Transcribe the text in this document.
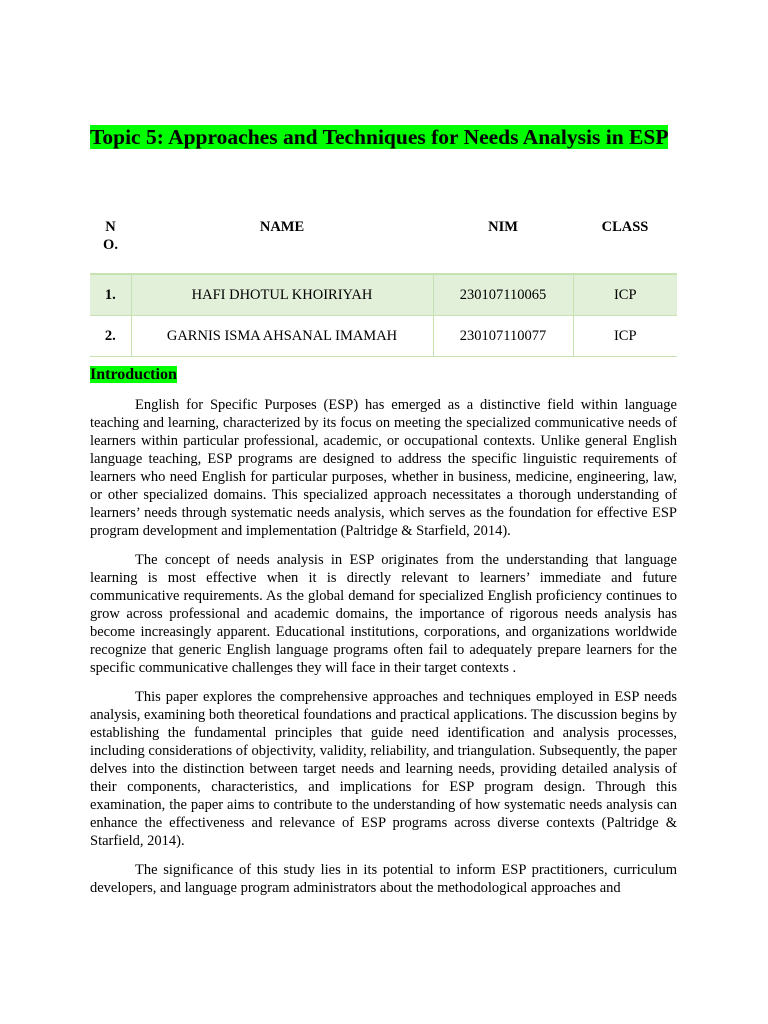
Topic 5: Approaches and Techniques for Needs Analysis in ESP
NO.	NAME	NIM	CLASS
1.	HAFI DHOTUL KHOIRIYAH	230107110065	ICP
2.	GARNIS ISMA AHSANAL IMAMAH	230107110077	ICP
Introduction

English for Specific Purposes (ESP) has emerged as a distinctive field within language teaching and learning, characterized by its focus on meeting the specialized communicative needs of learners within particular professional, academic, or occupational contexts. Unlike general English language teaching, ESP programs are designed to address the specific linguistic requirements of learners who need English for particular purposes, whether in business, medicine, engineering, law, or other specialized domains. This specialized approach necessitates a thorough understanding of learners’ needs through systematic needs analysis, which serves as the foundation for effective ESP program development and implementation (Paltridge & Starfield, 2014).

The concept of needs analysis in ESP originates from the understanding that language learning is most effective when it is directly relevant to learners’ immediate and future communicative requirements. As the global demand for specialized English proficiency continues to grow across professional and academic domains, the importance of rigorous needs analysis has become increasingly apparent. Educational institutions, corporations, and organizations worldwide recognize that generic English language programs often fail to adequately prepare learners for the specific communicative challenges they will face in their target contexts .

This paper explores the comprehensive approaches and techniques employed in ESP needs analysis, examining both theoretical foundations and practical applications. The discussion begins by establishing the fundamental principles that guide need identification and analysis processes, including considerations of objectivity, validity, reliability, and triangulation. Subsequently, the paper delves into the distinction between target needs and learning needs, providing detailed analysis of their components, characteristics, and implications for ESP program design. Through this examination, the paper aims to contribute to the understanding of how systematic needs analysis can enhance the effectiveness and relevance of ESP programs across diverse contexts (Paltridge & Starfield, 2014).

The significance of this study lies in its potential to inform ESP practitioners, curriculum developers, and language program administrators about the methodological approaches and
